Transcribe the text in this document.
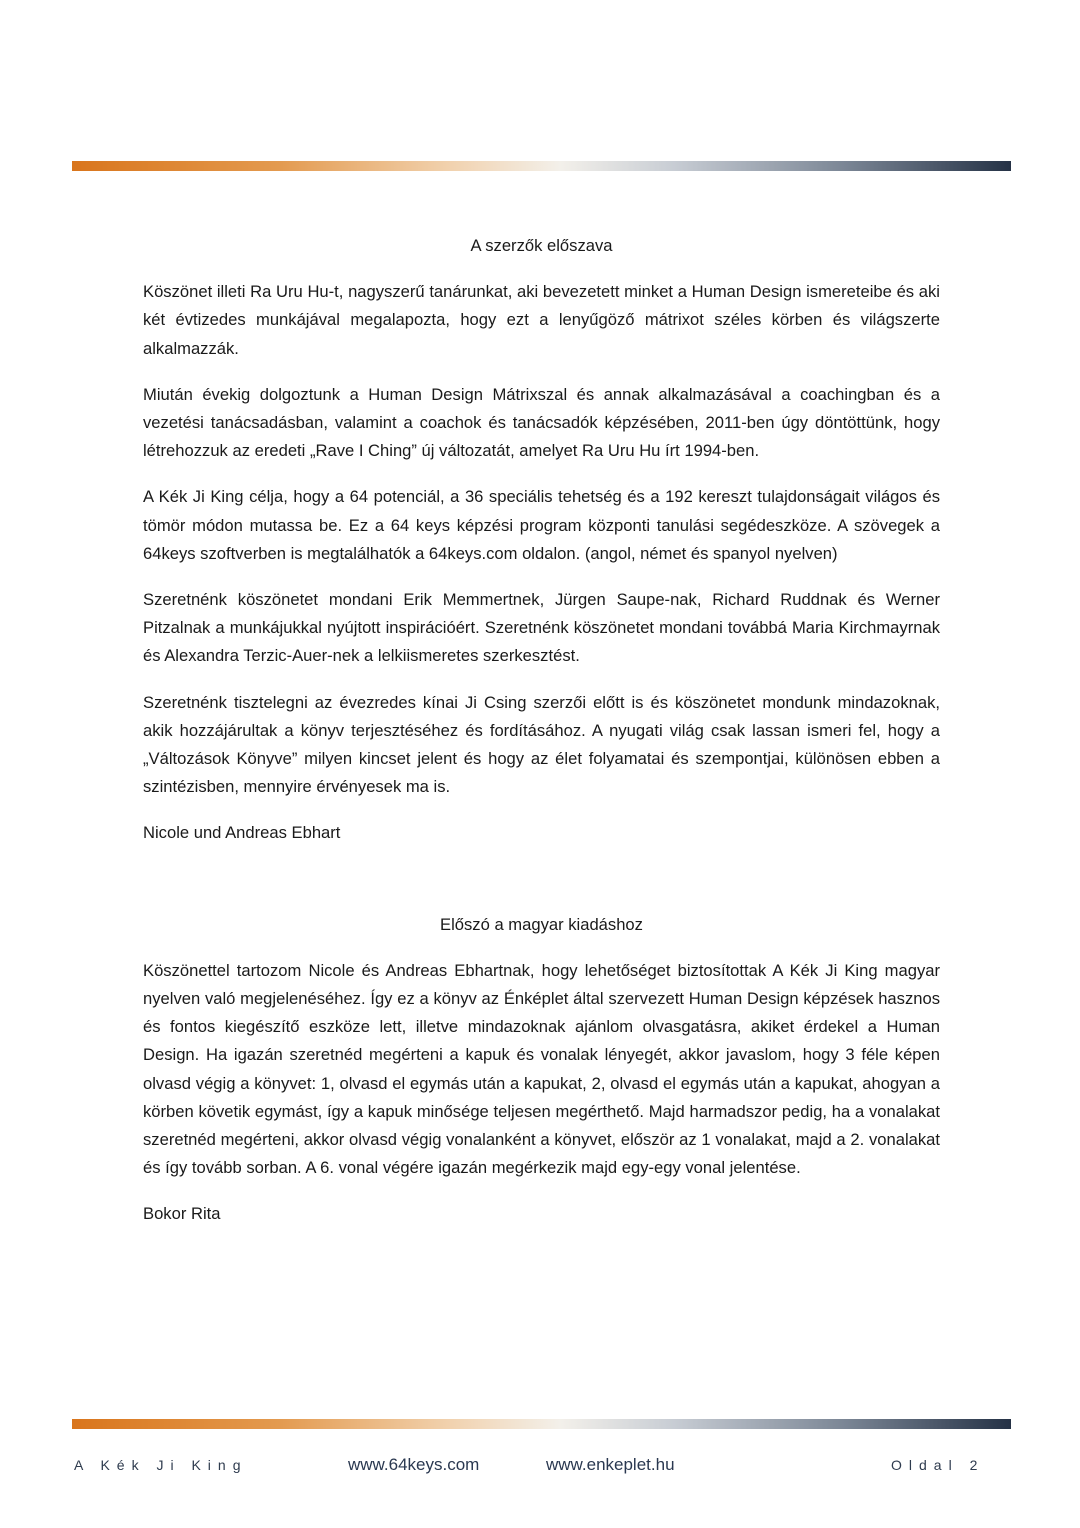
A szerzők előszava

Köszönet illeti Ra Uru Hu-t, nagyszerű tanárunkat, aki bevezetett minket a Human Design ismereteibe és aki két évtizedes munkájával megalapozta, hogy ezt a lenyűgöző mátrixot széles körben és világszerte alkalmazzák.

Miután évekig dolgoztunk a Human Design Mátrixszal és annak alkalmazásával a coachingban és a vezetési tanácsadásban, valamint a coachok és tanácsadók képzésében, 2011-ben úgy döntöttünk, hogy létrehozzuk az eredeti „Rave I Ching” új változatát, amelyet Ra Uru Hu írt 1994-ben.

A Kék Ji King célja, hogy a 64 potenciál, a 36 speciális tehetség és a 192 kereszt tulajdonságait világos és tömör módon mutassa be. Ez a 64 keys képzési program központi tanulási segédeszköze. A szövegek a 64keys szoftverben is megtalálhatók a 64keys.com oldalon. (angol, német és spanyol nyelven)

Szeretnénk köszönetet mondani Erik Memmertnek, Jürgen Saupe-nak, Richard Ruddnak és Werner Pitzalnak a munkájukkal nyújtott inspirációért. Szeretnénk köszönetet mondani továbbá Maria Kirchmayrnak és Alexandra Terzic-Auer-nek a lelkiismeretes szerkesztést.

Szeretnénk tisztelegni az évezredes kínai Ji Csing szerzői előtt is és köszönetet mondunk mindazoknak, akik hozzájárultak a könyv terjesztéséhez és fordításához. A nyugati világ csak lassan ismeri fel, hogy a „Változások Könyve” milyen kincset jelent és hogy az élet folyamatai és szempontjai, különösen ebben a szintézisben, mennyire érvényesek ma is.

Nicole und Andreas Ebhart

Előszó a magyar kiadáshoz

Köszönettel tartozom Nicole és Andreas Ebhartnak, hogy lehetőséget biztosítottak A Kék Ji King magyar nyelven való megjelenéséhez. Így ez a könyv az Énképlet által szervezett Human Design képzések hasznos és fontos kiegészítő eszköze lett, illetve mindazoknak ajánlom olvasgatásra, akiket érdekel a Human Design. Ha igazán szeretnéd megérteni a kapuk és vonalak lényegét, akkor javaslom, hogy 3 féle képen olvasd végig a könyvet: 1, olvasd el egymás után a kapukat, 2, olvasd el egymás után a kapukat, ahogyan a körben követik egymást, így a kapuk minősége teljesen megérthető. Majd harmadszor pedig, ha a vonalakat szeretnéd megérteni, akkor olvasd végig vonalanként a könyvet, először az 1 vonalakat, majd a 2. vonalakat és így tovább sorban. A 6. vonal végére igazán megérkezik majd egy-egy vonal jelentése.

Bokor Rita

A Kék Ji King	www.64keys.com	www.enkeplet.hu	Oldal 2
